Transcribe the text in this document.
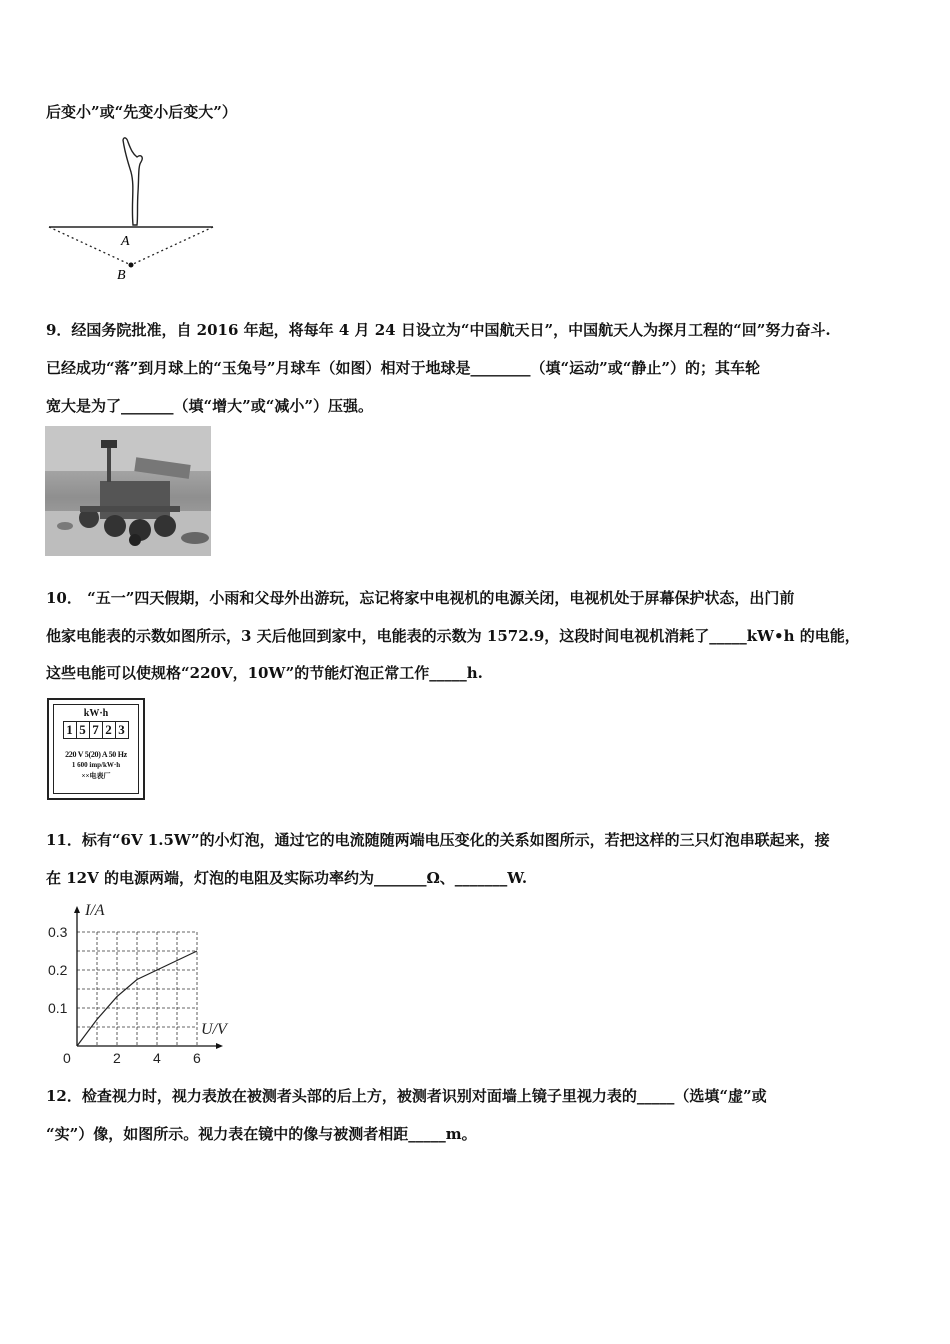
后变小”或“先变小后变大”）
A
B
9．经国务院批准，自 2016 年起，将每年 4 月 24 日设立为“中国航天日”，中国航天人为探月工程的“回”努力奋斗.
已经成功“落”到月球上的“玉兔号”月球车（如图）相对于地球是________（填“运动”或“静止”）的；其车轮
宽大是为了_______（填“增大”或“减小”）压强。
10． “五一”四天假期，小雨和父母外出游玩，忘记将家中电视机的电源关闭，电视机处于屏幕保护状态，出门前
他家电能表的示数如图所示，3 天后他回到家中，电能表的示数为 1572.9，这段时间电视机消耗了_____kW•h 的电能，
这些电能可以使规格“220V，10W”的节能灯泡正常工作_____h.
kW·h
1 5 7 2 3
220 V 5(20) A 50 Hz
1 600 imp/kW·h
××电表厂
11．标有“6V 1.5W”的小灯泡，通过它的电流随随两端电压变化的关系如图所示，若把这样的三只灯泡串联起来，接
在 12V 的电源两端，灯泡的电阻及实际功率约为_______Ω、_______W.
2 4 6
0.1
0.2
0.3
0
U/V
I/A
12．检查视力时，视力表放在被测者头部的后上方，被测者识别对面墙上镜子里视力表的_____（选填“虚”或
“实”）像，如图所示。视力表在镜中的像与被测者相距_____m。
